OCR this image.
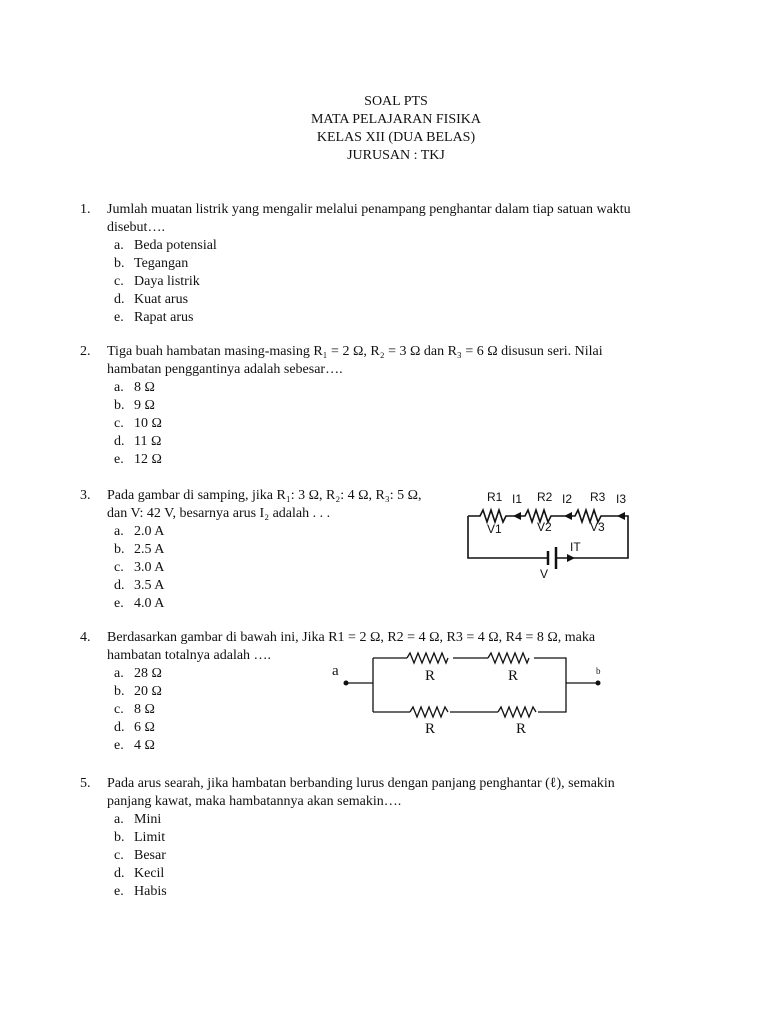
SOAL PTS
MATA PELAJARAN FISIKA
KELAS XII (DUA BELAS)
JURUSAN : TKJ
1. Jumlah muatan listrik yang mengalir melalui penampang penghantar dalam tiap satuan waktu
disebut….
a. Beda potensial
b. Tegangan
c. Daya listrik
d. Kuat arus
e. Rapat arus
2. Tiga buah hambatan masing-masing R₁ = 2 Ω, R₂ = 3 Ω dan R₃ = 6 Ω disusun seri. Nilai
hambatan penggantinya adalah sebesar….
a. 8 Ω
b. 9 Ω
c. 10 Ω
d. 11 Ω
e. 12 Ω
3. Pada gambar di samping, jika R₁: 3 Ω, R₂: 4 Ω, R₃: 5 Ω,
dan V: 42 V, besarnya arus I₂ adalah . . .
a. 2.0 A
b. 2.5 A
c. 3.0 A
d. 3.5 A
e. 4.0 A
4. Berdasarkan gambar di bawah ini, Jika R1 = 2 Ω, R2 = 4 Ω, R3 = 4 Ω, R4 = 8 Ω, maka
hambatan totalnya adalah ….
a. 28 Ω
b. 20 Ω
c. 8 Ω
d. 6 Ω
e. 4 Ω
5. Pada arus searah, jika hambatan berbanding lurus dengan panjang penghantar (ℓ), semakin
panjang kawat, maka hambatannya akan semakin….
a. Mini
b. Limit
c. Besar
d. Kecil
e. Habis
R1 I1 R2 I2 R3 I3
V1	V2	V3
IT
V
a	b
R	R
R	R
